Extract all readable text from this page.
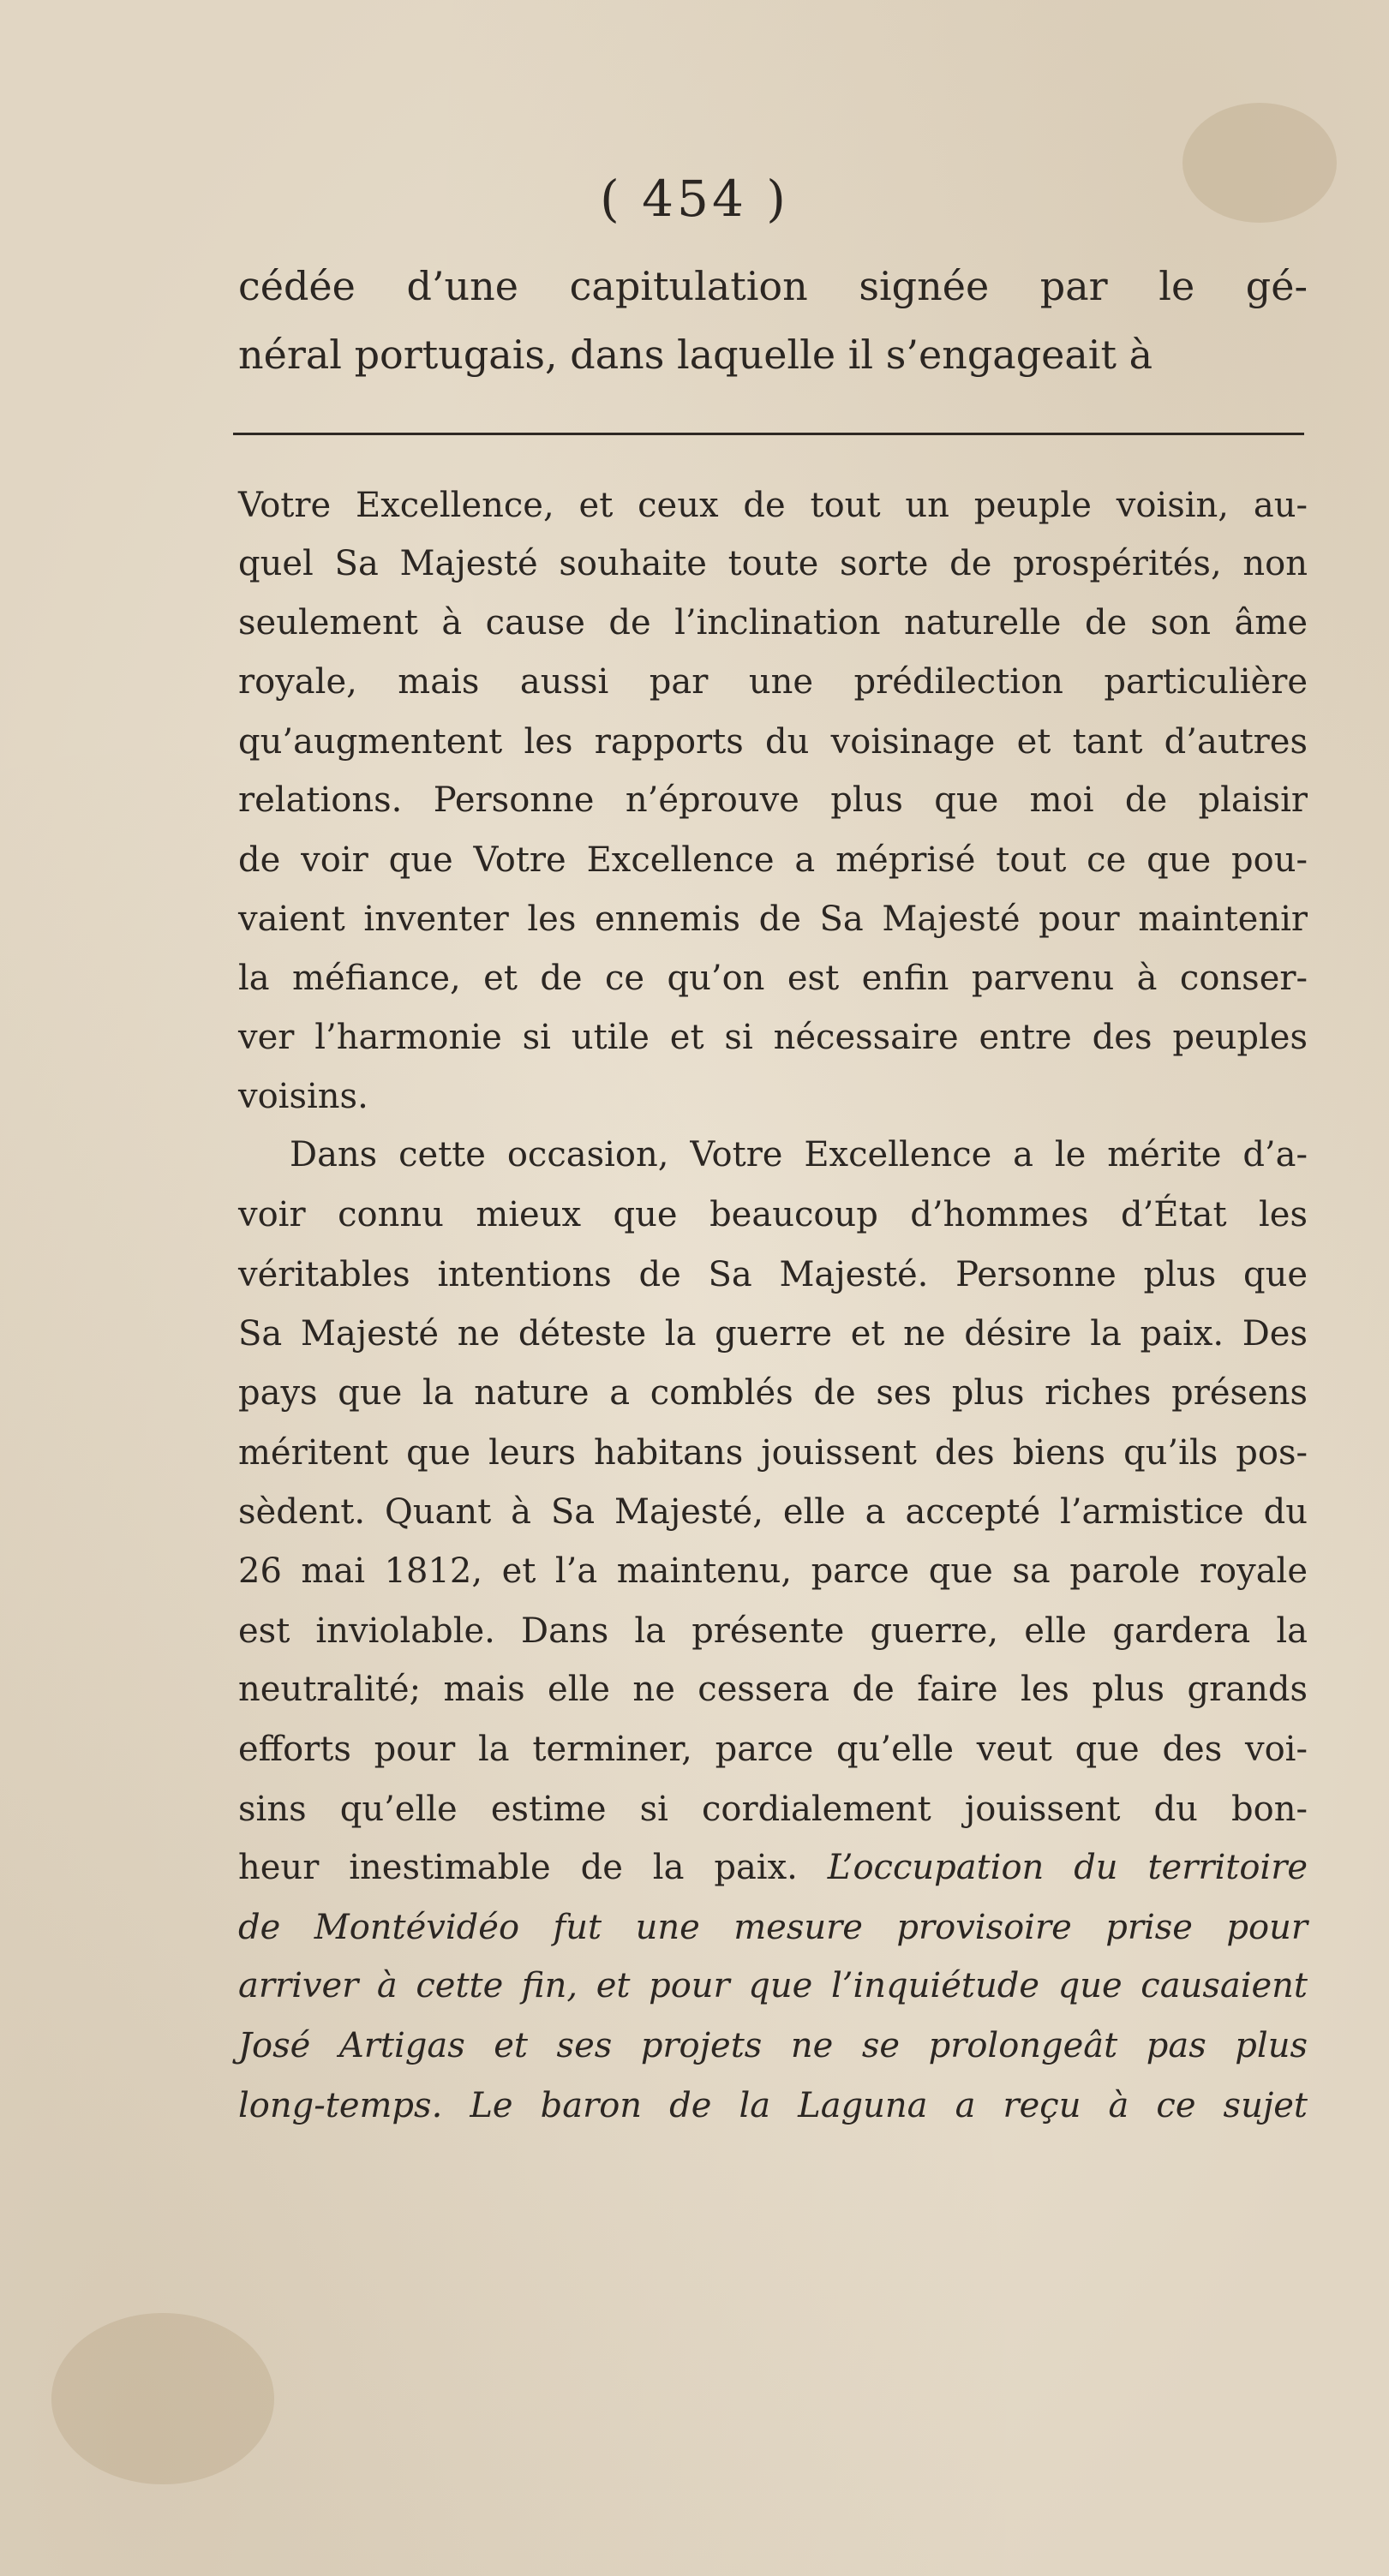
( 454 )
cédée d’une capitulation signée par le gé-
néral portugais, dans laquelle il s’engageait à
Votre Excellence, et ceux de tout un peuple voisin, au-
quel Sa Majesté souhaite toute sorte de prospérités, non
seulement à cause de l’inclination naturelle de son âme
royale, mais aussi par une prédilection particulière
qu’augmentent les rapports du voisinage et tant d’autres
relations. Personne n’éprouve plus que moi de plaisir
de voir que Votre Excellence a méprisé tout ce que pou-
vaient inventer les ennemis de Sa Majesté pour maintenir
la méfiance, et de ce qu’on est enfin parvenu à conser-
ver l’harmonie si utile et si nécessaire entre des peuples
voisins.
Dans cette occasion, Votre Excellence a le mérite d’a-
voir connu mieux que beaucoup d’hommes d’État les
véritables intentions de Sa Majesté. Personne plus que
Sa Majesté ne déteste la guerre et ne désire la paix. Des
pays que la nature a comblés de ses plus riches présens
méritent que leurs habitans jouissent des biens qu’ils pos-
sèdent. Quant à Sa Majesté, elle a accepté l’armistice du
26 mai 1812, et l’a maintenu, parce que sa parole royale
est inviolable. Dans la présente guerre, elle gardera la
neutralité; mais elle ne cessera de faire les plus grands
efforts pour la terminer, parce qu’elle veut que des voi-
sins qu’elle estime si cordialement jouissent du bon-
heur inestimable de la paix. L’occupation du territoire
de Montévidéo fut une mesure provisoire prise pour
arriver à cette fin, et pour que l’inquiétude que causaient
José Artigas et ses projets ne se prolongeât pas plus
long-temps. Le baron de la Laguna a reçu à ce sujet
